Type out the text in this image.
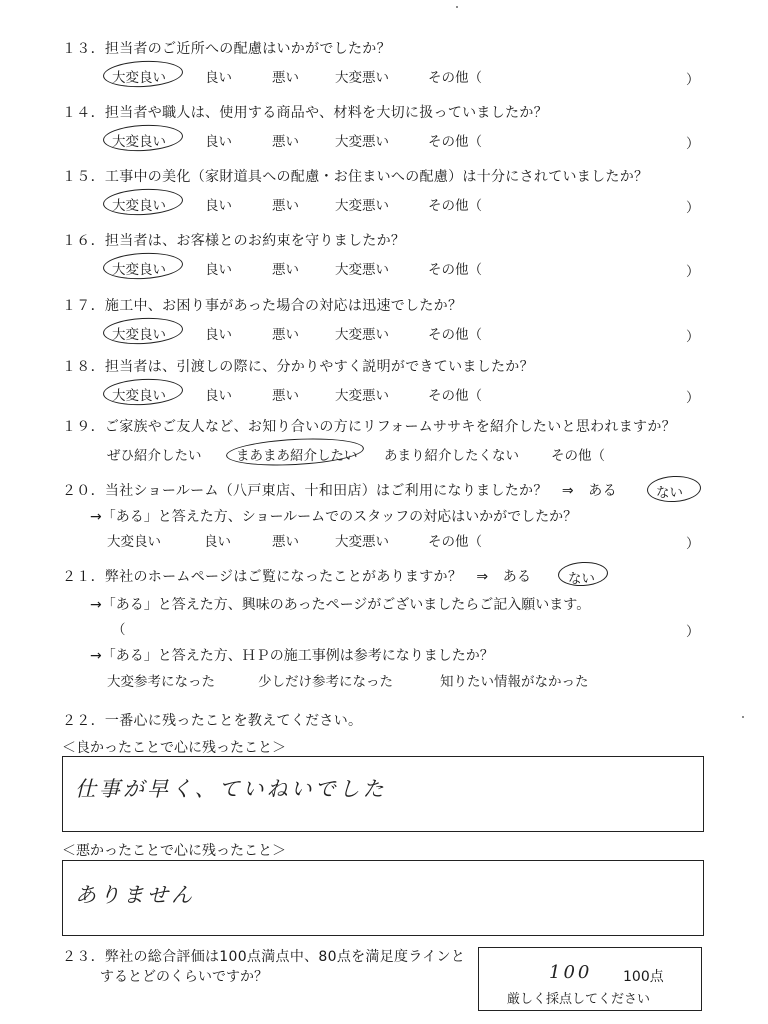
１３．担当者のご近所への配慮はいかがでしたか？
大変良い	良い	悪い	大変悪い	その他（	）
１４．担当者や職人は、使用する商品や、材料を大切に扱っていましたか？
大変良い	良い	悪い	大変悪い	その他（	）
１５．工事中の美化（家財道具への配慮・お住まいへの配慮）は十分にされていましたか？
大変良い	良い	悪い	大変悪い	その他（	）
１６．担当者は、お客様とのお約束を守りましたか？
大変良い	良い	悪い	大変悪い	その他（	）
１７．施工中、お困り事があった場合の対応は迅速でしたか？
大変良い	良い	悪い	大変悪い	その他（	）
１８．担当者は、引渡しの際に、分かりやすく説明ができていましたか？
大変良い	良い	悪い	大変悪い	その他（	）
１９．ご家族やご友人など、お知り合いの方にリフォームササキを紹介したいと思われますか？
ぜひ紹介したい	まあまあ紹介したい あまり紹介したくない その他（
２０．当社ショールーム（八戸東店、十和田店）はご利用になりましたか？　⇒　ある	ない
→「ある」と答えた方、ショールームでのスタッフの対応はいかがでしたか？
大変良い	良い	悪い	大変悪い	その他（	）
２１．弊社のホームページはご覧になったことがありますか？　⇒　ある	ない
→「ある」と答えた方、興味のあったページがございましたらご記入願います。
（	）
→「ある」と答えた方、ＨＰの施工事例は参考になりましたか？
大変参考になった	少しだけ参考になった	知りたい情報がなかった
２２．一番心に残ったことを教えてください。
＜良かったことで心に残ったこと＞
仕事が早く、ていねいでした
＜悪かったことで心に残ったこと＞
ありません
２３．弊社の総合評価は100点満点中、80点を満足度ラインと
するとどのくらいですか？	100 100点
厳しく採点してください
